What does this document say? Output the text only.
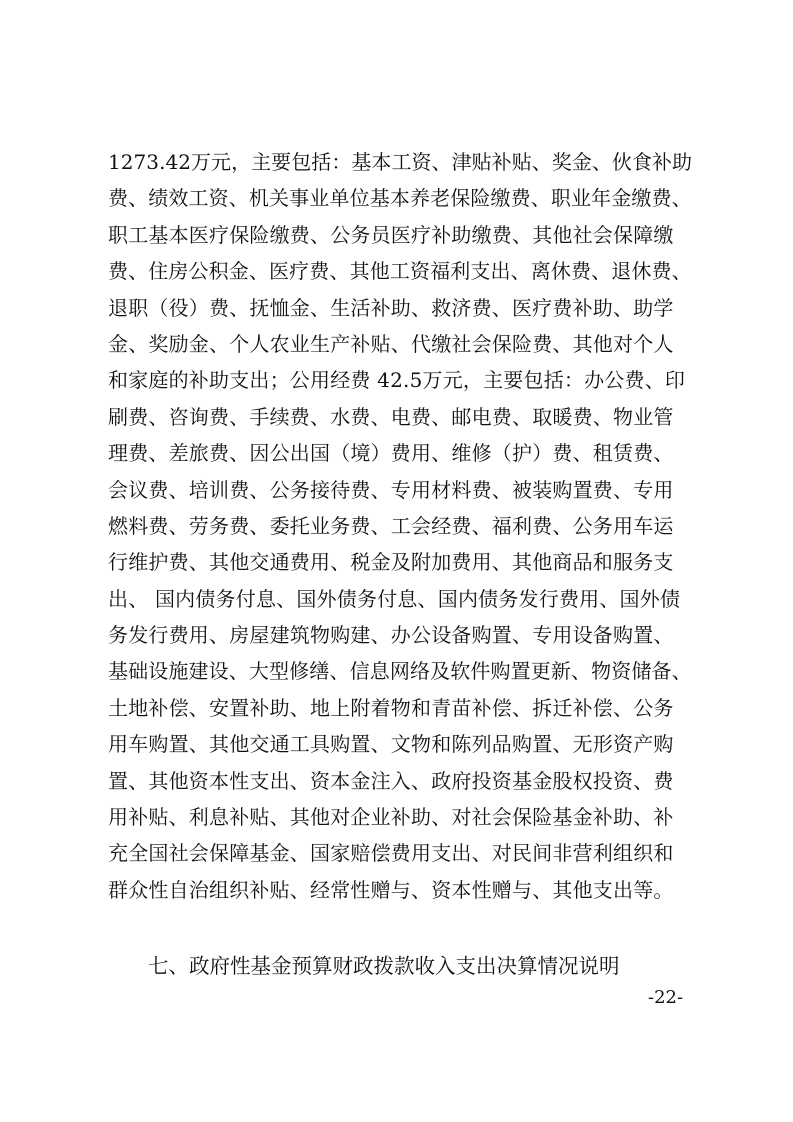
1273.42万元，主要包括：基本工资、津贴补贴、奖金、伙食补助
费、绩效工资、机关事业单位基本养老保险缴费、职业年金缴费、
职工基本医疗保险缴费、公务员医疗补助缴费、其他社会保障缴
费、住房公积金、医疗费、其他工资福利支出、离休费、退休费、
退职（役）费、抚恤金、生活补助、救济费、医疗费补助、助学
金、奖励金、个人农业生产补贴、代缴社会保险费、其他对个人
和家庭的补助支出；公用经费 42.5万元，主要包括：办公费、印
刷费、咨询费、手续费、水费、电费、邮电费、取暖费、物业管
理费、差旅费、因公出国（境）费用、维修（护）费、租赁费、
会议费、培训费、公务接待费、专用材料费、被装购置费、专用
燃料费、劳务费、委托业务费、工会经费、福利费、公务用车运
行维护费、其他交通费用、税金及附加费用、其他商品和服务支
出、 国内债务付息、国外债务付息、国内债务发行费用、国外债
务发行费用、房屋建筑物购建、办公设备购置、专用设备购置、
基础设施建设、大型修缮、信息网络及软件购置更新、物资储备、
土地补偿、安置补助、地上附着物和青苗补偿、拆迁补偿、公务
用车购置、其他交通工具购置、文物和陈列品购置、无形资产购
置、其他资本性支出、资本金注入、政府投资基金股权投资、费
用补贴、利息补贴、其他对企业补助、对社会保险基金补助、补
充全国社会保障基金、国家赔偿费用支出、对民间非营利组织和
群众性自治组织补贴、经常性赠与、资本性赠与、其他支出等。
七、政府性基金预算财政拨款收入支出决算情况说明
-22-
